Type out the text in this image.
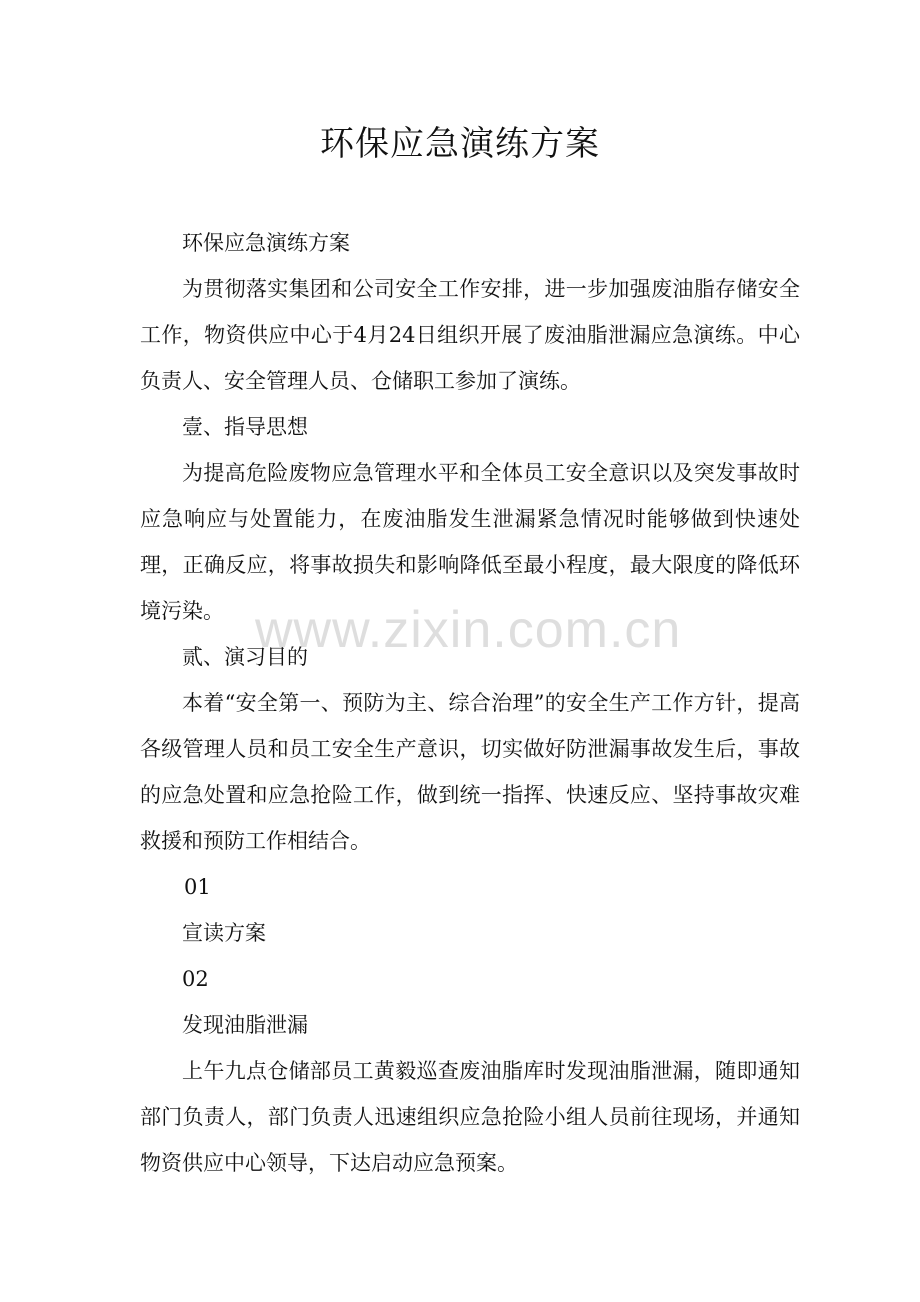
环保应急演练方案

环保应急演练方案

为贯彻落实集团和公司安全工作安排，进一步加强废油脂存储安全工作，物资供应中心于4月24日组织开展了废油脂泄漏应急演练。中心负责人、安全管理人员、仓储职工参加了演练。

壹、指导思想

为提高危险废物应急管理水平和全体员工安全意识以及突发事故时应急响应与处置能力，在废油脂发生泄漏紧急情况时能够做到快速处理，正确反应，将事故损失和影响降低至最小程度，最大限度的降低环境污染。

贰、演习目的

本着“安全第一、预防为主、综合治理”的安全生产工作方针，提高各级管理人员和员工安全生产意识，切实做好防泄漏事故发生后，事故的应急处置和应急抢险工作，做到统一指挥、快速反应、坚持事故灾难救援和预防工作相结合。

01

宣读方案

02

发现油脂泄漏

上午九点仓储部员工黄毅巡查废油脂库时发现油脂泄漏，随即通知部门负责人，部门负责人迅速组织应急抢险小组人员前往现场，并通知物资供应中心领导，下达启动应急预案。

www.zixin.com.cn
